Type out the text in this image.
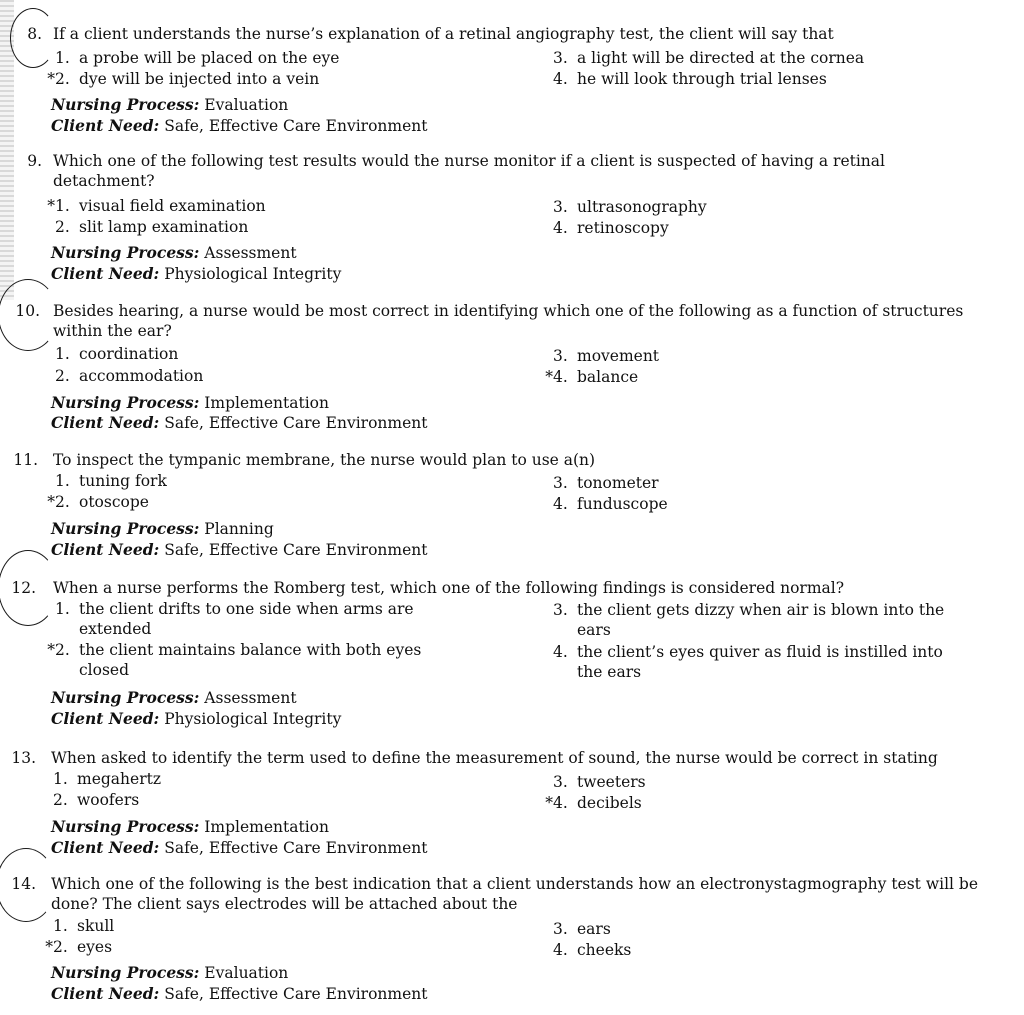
8. If a client understands the nurse’s explanation of a retinal angiography test, the client will say that
1. a probe will be placed on the eye
* 2. dye will be injected into a vein
3. a light will be directed at the cornea
4. he will look through trial lenses
Nursing Process: Evaluation
Client Need: Safe, Effective Care Environment
9. Which one of the following test results would the nurse monitor if a client is suspected of having a retinal detachment?
* 1. visual field examination
2. slit lamp examination
3. ultrasonography
4. retinoscopy
Nursing Process: Assessment
Client Need: Physiological Integrity
10. Besides hearing, a nurse would be most correct in identifying which one of the following as a function of structures within the ear?
1. coordination
2. accommodation
3. movement
* 4. balance
Nursing Process: Implementation
Client Need: Safe, Effective Care Environment
11. To inspect the tympanic membrane, the nurse would plan to use a(n)
1. tuning fork
* 2. otoscope
3. tonometer
4. funduscope
Nursing Process: Planning
Client Need: Safe, Effective Care Environment
12. When a nurse performs the Romberg test, which one of the following findings is considered normal?
1. the client drifts to one side when arms are extended
* 2. the client maintains balance with both eyes closed
3. the client gets dizzy when air is blown into the ears
4. the client’s eyes quiver as fluid is instilled into the ears
Nursing Process: Assessment
Client Need: Physiological Integrity
13. When asked to identify the term used to define the measurement of sound, the nurse would be correct in stating
1. megahertz
2. woofers
3. tweeters
* 4. decibels
Nursing Process: Implementation
Client Need: Safe, Effective Care Environment
14. Which one of the following is the best indication that a client understands how an electronystagmography test will be done? The client says electrodes will be attached about the
1. skull
* 2. eyes
3. ears
4. cheeks
Nursing Process: Evaluation
Client Need: Safe, Effective Care Environment
